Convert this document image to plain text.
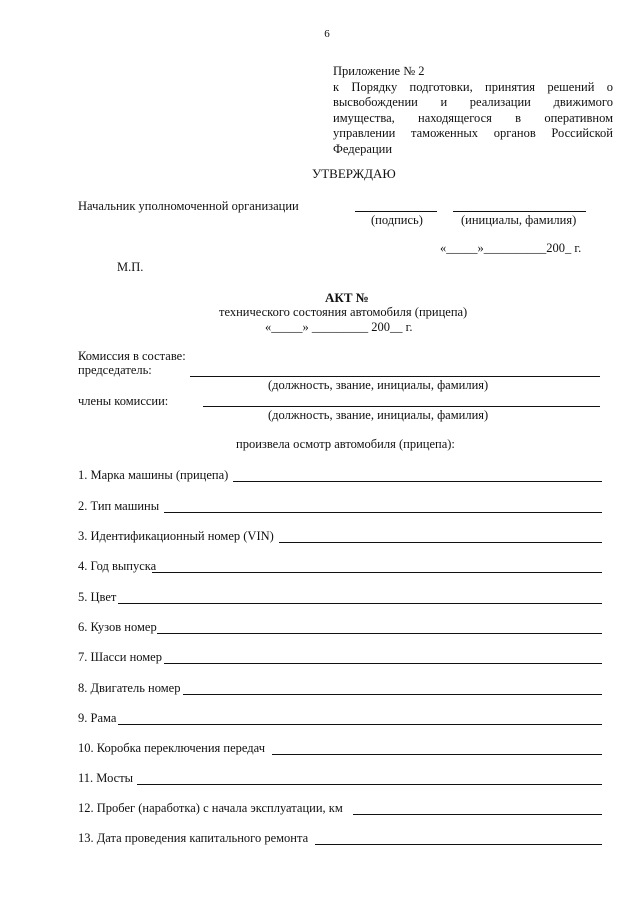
6
Приложение № 2
к Порядку подготовки, принятия решений о высвобождении и реализации движимого имущества, находящегося в оперативном управлении таможенных органов Российской Федерации
УТВЕРЖДАЮ
Начальник уполномоченной организации
(подпись)	(инициалы, фамилия)
«_____»__________200_ г.
М.П.
АКТ №
технического состояния автомобиля (прицепа)
«_____» _________ 200__ г.
Комиссия в составе:
председатель:
(должность, звание, инициалы, фамилия)
члены комиссии:
(должность, звание, инициалы, фамилия)
произвела осмотр автомобиля (прицепа):
1. Марка машины (прицепа)
2. Тип машины
3. Идентификационный номер (VIN)
4. Год выпуска
5. Цвет
6. Кузов номер
7. Шасси номер
8. Двигатель номер
9. Рама
10. Коробка переключения передач
11. Мосты
12. Пробег (наработка) с начала эксплуатации, км
13. Дата проведения капитального ремонта
